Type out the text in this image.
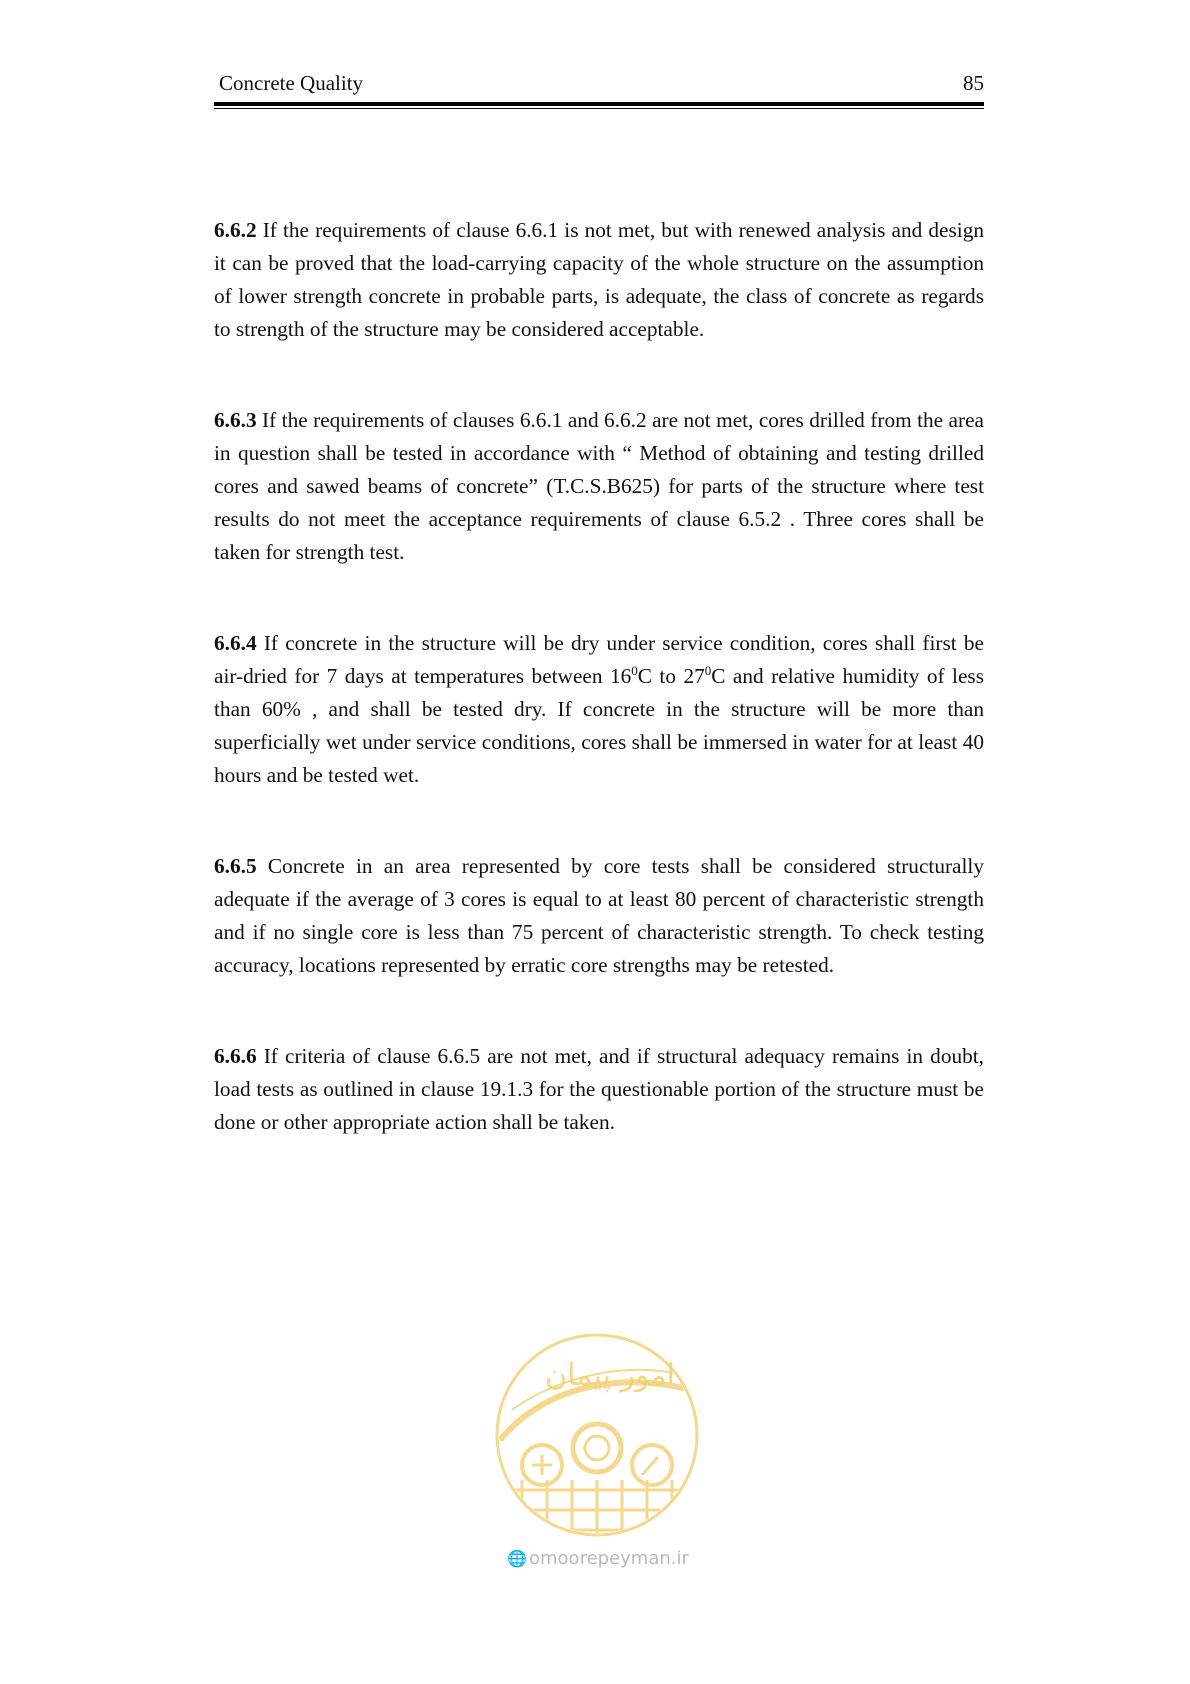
Concrete Quality	85

6.6.2 If the requirements of clause 6.6.1 is not met, but with renewed analysis and design it can be proved that the load-carrying capacity of the whole structure on the assumption of lower strength concrete in probable parts, is adequate, the class of concrete as regards to strength of the structure may be considered acceptable.

6.6.3 If the requirements of clauses 6.6.1 and 6.6.2 are not met, cores drilled from the area in question shall be tested in accordance with “ Method of obtaining and testing drilled cores and sawed beams of concrete” (T.C.S.B625) for parts of the structure where test results do not meet the acceptance requirements of clause 6.5.2 . Three cores shall be taken for strength test.

6.6.4 If concrete in the structure will be dry under service condition, cores shall first be air-dried for 7 days at temperatures between $16^0C$ to $27^0C$ and relative humidity of less than 60% , and shall be tested dry. If concrete in the structure will be more than superficially wet under service conditions, cores shall be immersed in water for at least 40 hours and be tested wet.

6.6.5 Concrete in an area represented by core tests shall be considered structurally adequate if the average of 3 cores is equal to at least 80 percent of characteristic strength and if no single core is less than 75 percent of characteristic strength. To check testing accuracy, locations represented by erratic core strengths may be retested.

6.6.6 If criteria of clause 6.6.5 are not met, and if structural adequacy remains in doubt, load tests as outlined in clause 19.1.3 for the questionable portion of the structure must be done or other appropriate action shall be taken.

امور پیمان
🌐 omoorepeyman.ir
